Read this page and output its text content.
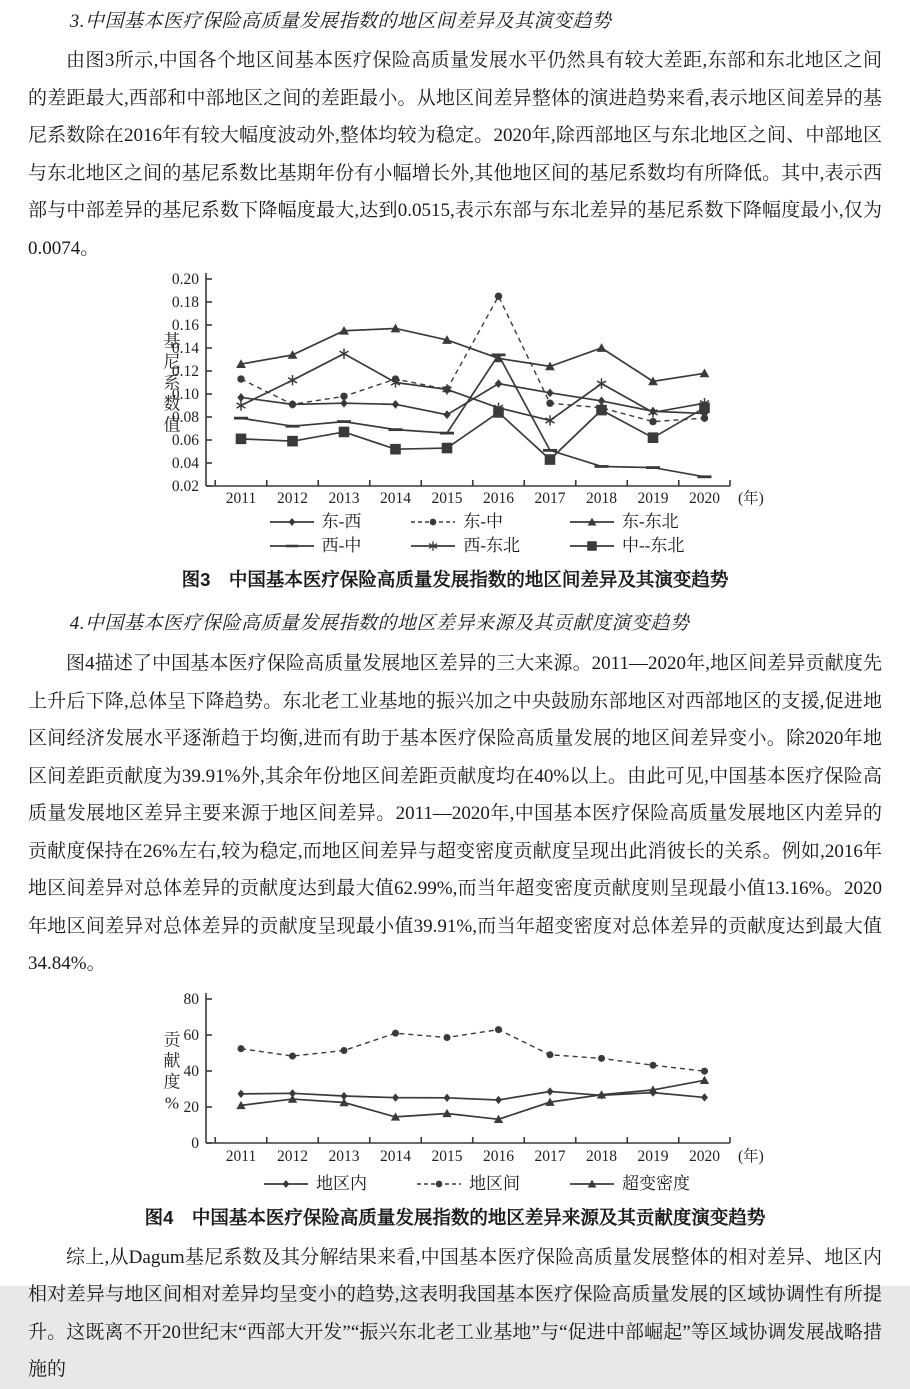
3.中国基本医疗保险高质量发展指数的地区间差异及其演变趋势

由图3所示,中国各个地区间基本医疗保险高质量发展水平仍然具有较大差距,东部和东北地区之间的差距最大,西部和中部地区之间的差距最小。从地区间差异整体的演进趋势来看,表示地区间差异的基尼系数除在2016年有较大幅度波动外,整体均较为稳定。2020年,除西部地区与东北地区之间、中部地区与东北地区之间的基尼系数比基期年份有小幅增长外,其他地区间的基尼系数均有所降低。其中,表示西部与中部差异的基尼系数下降幅度最大,达到0.0515,表示东部与东北差异的基尼系数下降幅度最小,仅为0.0074。

0.02
0.04
0.06
0.08
0.10
0.12
0.14
0.16
0.18
0.20
2011 2012 2013 2014 2015 2016 2017 2018 2019 2020 (年)
基
尼
系
数
值
东-西	东-中	东-东北
西-中	西-东北	中--东北

图3　中国基本医疗保险高质量发展指数的地区间差异及其演变趋势

4.中国基本医疗保险高质量发展指数的地区差异来源及其贡献度演变趋势

图4描述了中国基本医疗保险高质量发展地区差异的三大来源。2011—2020年,地区间差异贡献度先上升后下降,总体呈下降趋势。东北老工业基地的振兴加之中央鼓励东部地区对西部地区的支援,促进地区间经济发展水平逐渐趋于均衡,进而有助于基本医疗保险高质量发展的地区间差异变小。除2020年地区间差距贡献度为39.91%外,其余年份地区间差距贡献度均在40%以上。由此可见,中国基本医疗保险高质量发展地区差异主要来源于地区间差异。2011—2020年,中国基本医疗保险高质量发展地区内差异的贡献度保持在26%左右,较为稳定,而地区间差异与超变密度贡献度呈现出此消彼长的关系。例如,2016年地区间差异对总体差异的贡献度达到最大值62.99%,而当年超变密度贡献度则呈现最小值13.16%。2020年地区间差异对总体差异的贡献度呈现最小值39.91%,而当年超变密度对总体差异的贡献度达到最大值34.84%。

0
20
40
60
80
2011 2012 2013 2014 2015 2016 2017 2018 2019 2020 (年)
贡
献
度
%
地区内	地区间	超变密度

图4　中国基本医疗保险高质量发展指数的地区差异来源及其贡献度演变趋势

综上,从Dagum基尼系数及其分解结果来看,中国基本医疗保险高质量发展整体的相对差异、地区内相对差异与地区间相对差异均呈变小的趋势,这表明我国基本医疗保险高质量发展的区域协调性有所提升。这既离不开20世纪末“西部大开发”“振兴东北老工业基地”与“促进中部崛起”等区域协调发展战略措施的
